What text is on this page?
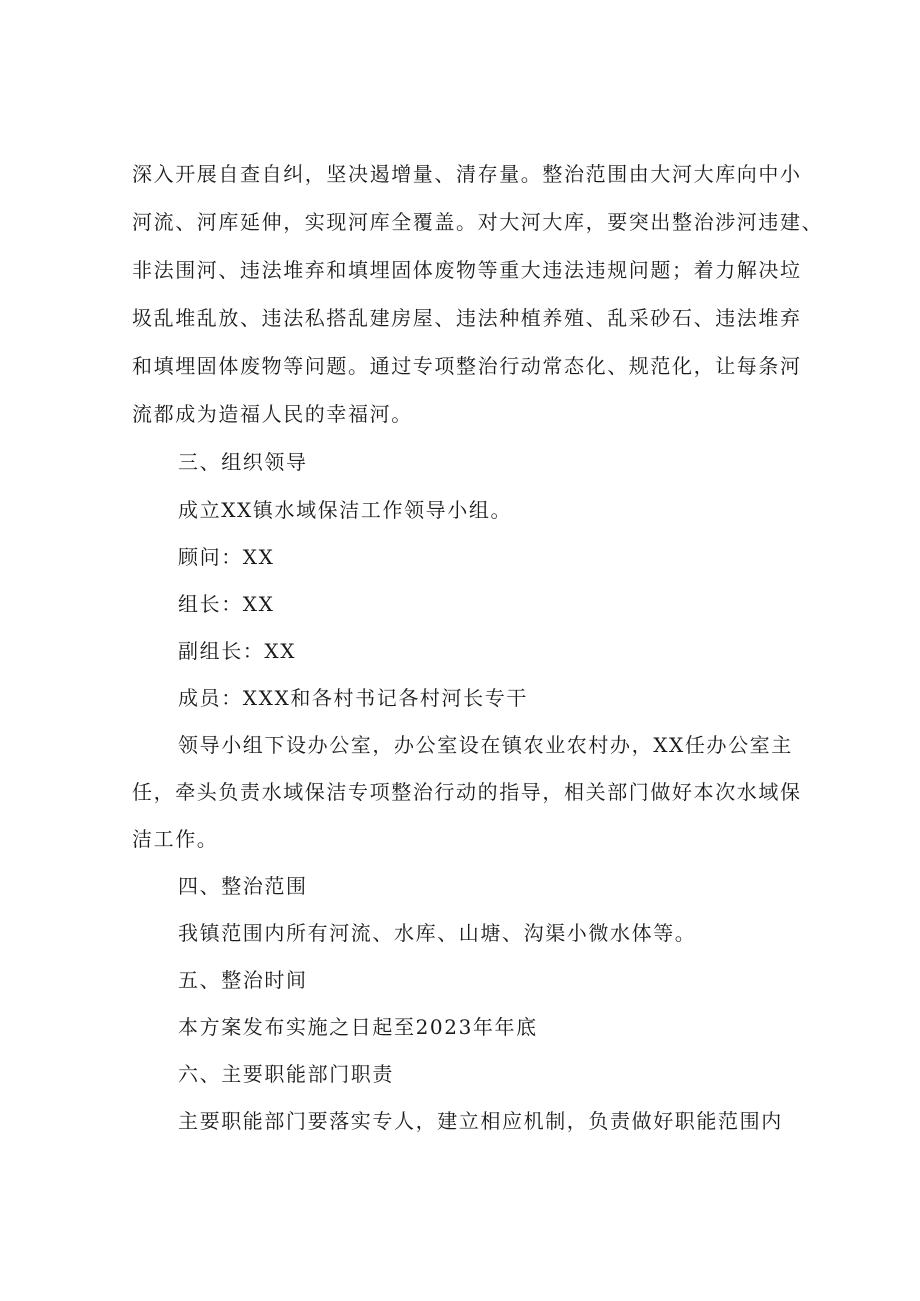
深入开展自查自纠，坚决遏增量、清存量。整治范围由大河大库向中小
河流、河库延伸，实现河库全覆盖。对大河大库，要突出整治涉河违建、
非法围河、违法堆弃和填埋固体废物等重大违法违规问题；着力解决垃
圾乱堆乱放、违法私搭乱建房屋、违法种植养殖、乱采砂石、违法堆弃
和填埋固体废物等问题。通过专项整治行动常态化、规范化，让每条河
流都成为造福人民的幸福河。
三、组织领导
成立XX镇水域保洁工作领导小组。
顾问：XX
组长：XX
副组长：XX
成员：XXX和各村书记各村河长专干
领导小组下设办公室，办公室设在镇农业农村办，XX任办公室主
任，牵头负责水域保洁专项整治行动的指导，相关部门做好本次水域保
洁工作。
四、整治范围
我镇范围内所有河流、水库、山塘、沟渠小微水体等。
五、整治时间
本方案发布实施之日起至2023年年底
六、主要职能部门职责
主要职能部门要落实专人，建立相应机制，负责做好职能范围内
